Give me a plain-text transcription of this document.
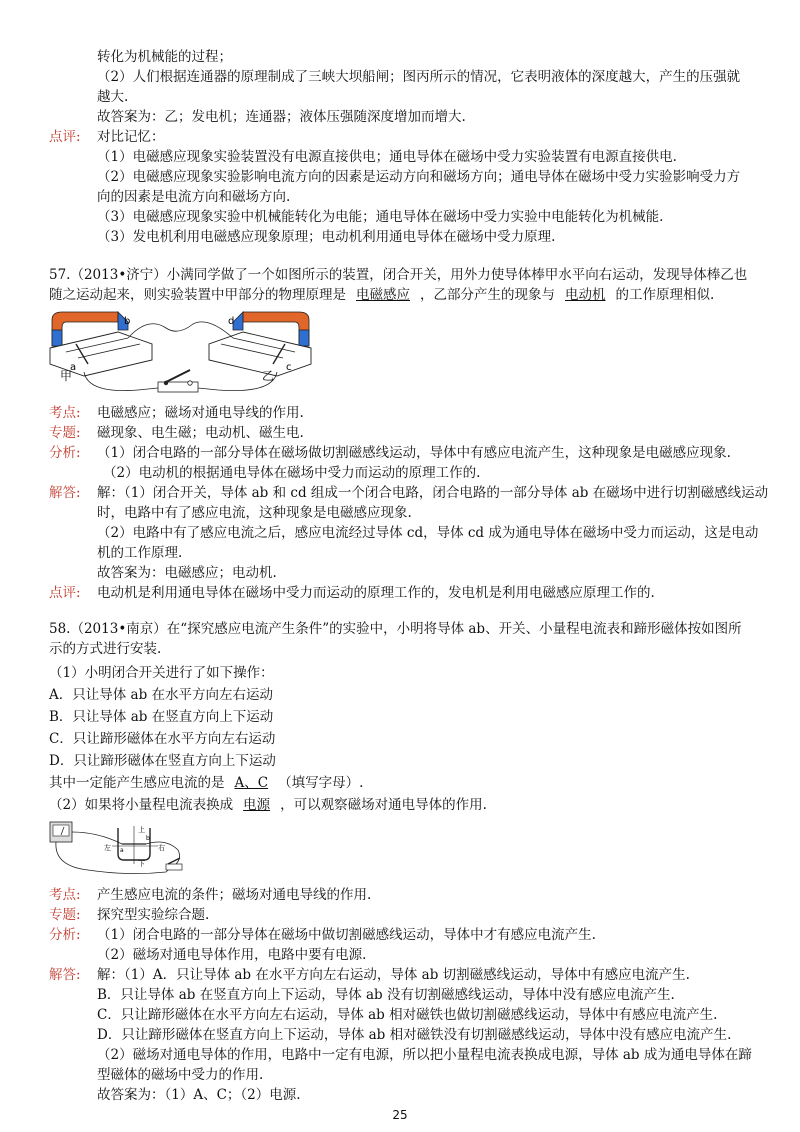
转化为机械能的过程；
（2）人们根据连通器的原理制成了三峡大坝船闸；图丙所示的情况，它表明液体的深度越大，产生的压强就
越大.
故答案为：乙；发电机；连通器；液体压强随深度增加而增大.
点评: 对比记忆：
（1）电磁感应现象实验装置没有电源直接供电；通电导体在磁场中受力实验装置有电源直接供电.
（2）电磁感应现象实验影响电流方向的因素是运动方向和磁场方向；通电导体在磁场中受力实验影响受力方
向的因素是电流方向和磁场方向.
（3）电磁感应现象实验中机械能转化为电能；通电导体在磁场中受力实验中电能转化为机械能.
（3）发电机利用电磁感应现象原理；电动机利用通电导体在磁场中受力原理.
57.（2013•济宁）小满同学做了一个如图所示的装置，闭合开关，用外力使导体棒甲水平向右运动，发现导体棒乙也
随之运动起来，则实验装置中甲部分的物理原理是 电磁感应 ，乙部分产生的现象与 电动机 的工作原理相似.
b	d
a	c
甲	乙
考点: 电磁感应；磁场对通电导线的作用.
专题: 磁现象、电生磁；电动机、磁生电.
分析: （1）闭合电路的一部分导体在磁场做切割磁感线运动，导体中有感应电流产生，这种现象是电磁感应现象.
（2）电动机的根据通电导体在磁场中受力而运动的原理工作的.
解答: 解：（1）闭合开关，导体 ab 和 cd 组成一个闭合电路，闭合电路的一部分导体 ab 在磁场中进行切割磁感线运动
时，电路中有了感应电流，这种现象是电磁感应现象.
（2）电路中有了感应电流之后，感应电流经过导体 cd，导体 cd 成为通电导体在磁场中受力而运动，这是电动
机的工作原理.
故答案为：电磁感应；电动机.
点评: 电动机是利用通电导体在磁场中受力而运动的原理工作的，发电机是利用电磁感应原理工作的.
58.（2013•南京）在“探究感应电流产生条件”的实验中，小明将导体 ab、开关、小量程电流表和蹄形磁体按如图所
示的方式进行安装.
（1）小明闭合开关进行了如下操作：
A．只让导体 ab 在水平方向左右运动
B．只让导体 ab 在竖直方向上下运动
C．只让蹄形磁体在水平方向左右运动
D．只让蹄形磁体在竖直方向上下运动
其中一定能产生感应电流的是 A、C （填写字母）.
（2）如果将小量程电流表换成 电源 ，可以观察磁场对通电导体的作用.
上
下
左	右
a
b
考点: 产生感应电流的条件；磁场对通电导线的作用.
专题: 探究型实验综合题.
分析: （1）闭合电路的一部分导体在磁场中做切割磁感线运动，导体中才有感应电流产生.
（2）磁场对通电导体作用，电路中要有电源.
解答: 解：（1）A．只让导体 ab 在水平方向左右运动，导体 ab 切割磁感线运动，导体中有感应电流产生.
B．只让导体 ab 在竖直方向上下运动，导体 ab 没有切割磁感线运动，导体中没有感应电流产生.
C．只让蹄形磁体在水平方向左右运动，导体 ab 相对磁铁也做切割磁感线运动，导体中有感应电流产生.
D．只让蹄形磁体在竖直方向上下运动，导体 ab 相对磁铁没有切割磁感线运动，导体中没有感应电流产生.
（2）磁场对通电导体的作用，电路中一定有电源，所以把小量程电流表换成电源，导体 ab 成为通电导体在蹄
型磁体的磁场中受力的作用.
故答案为：（1）A、C；（2）电源.
25
